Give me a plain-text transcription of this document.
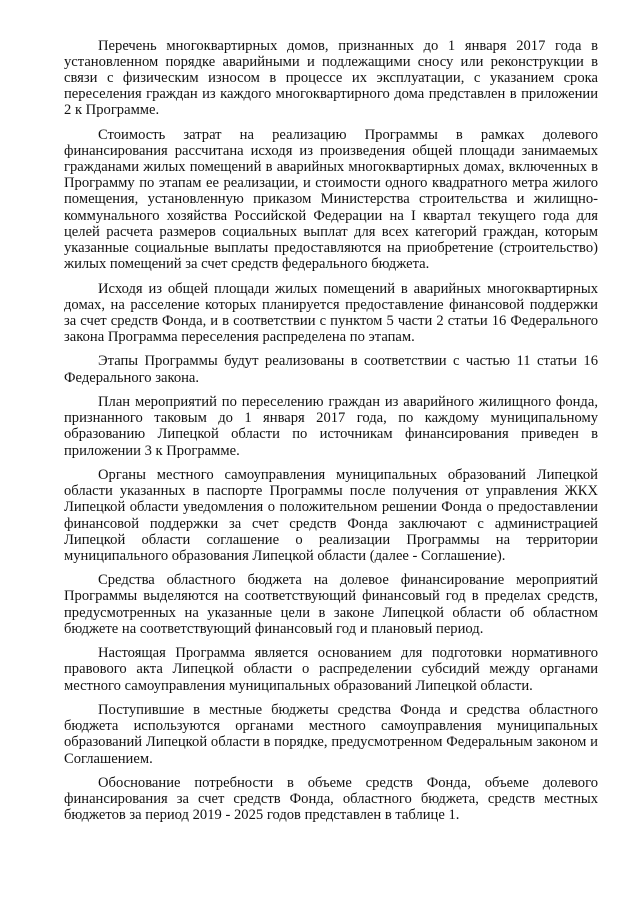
Перечень многоквартирных домов, признанных до 1 января 2017 года в установленном порядке аварийными и подлежащими сносу или реконструкции в связи с физическим износом в процессе их эксплуатации, с указанием срока переселения граждан из каждого многоквартирного дома представлен в приложении 2 к Программе.

Стоимость затрат на реализацию Программы в рамках долевого финансирования рассчитана исходя из произведения общей площади занимаемых гражданами жилых помещений в аварийных многоквартирных домах, включенных в Программу по этапам ее реализации, и стоимости одного квадратного метра жилого помещения, установленную приказом Министерства строительства и жилищно-коммунального хозяйства Российской Федерации на I квартал текущего года для целей расчета размеров социальных выплат для всех категорий граждан, которым указанные социальные выплаты предоставляются на приобретение (строительство) жилых помещений за счет средств федерального бюджета.

Исходя из общей площади жилых помещений в аварийных многоквартирных домах, на расселение которых планируется предоставление финансовой поддержки за счет средств Фонда, и в соответствии с пунктом 5 части 2 статьи 16 Федерального закона Программа переселения распределена по этапам.

Этапы Программы будут реализованы в соответствии с частью 11 статьи 16 Федерального закона.

План мероприятий по переселению граждан из аварийного жилищного фонда, признанного таковым до 1 января 2017 года, по каждому муниципальному образованию Липецкой области по источникам финансирования приведен в приложении 3 к Программе.

Органы местного самоуправления муниципальных образований Липецкой области указанных в паспорте Программы после получения от управления ЖКХ Липецкой области уведомления о положительном решении Фонда о предоставлении финансовой поддержки за счет средств Фонда заключают с администрацией Липецкой области соглашение о реализации Программы на территории муниципального образования Липецкой области (далее - Соглашение).

Средства областного бюджета на долевое финансирование мероприятий Программы выделяются на соответствующий финансовый год в пределах средств, предусмотренных на указанные цели в законе Липецкой области об областном бюджете на соответствующий финансовый год и плановый период.

Настоящая Программа является основанием для подготовки нормативного правового акта Липецкой области о распределении субсидий между органами местного самоуправления муниципальных образований Липецкой области.

Поступившие в местные бюджеты средства Фонда и средства областного бюджета используются органами местного самоуправления муниципальных образований Липецкой области в порядке, предусмотренном Федеральным законом и Соглашением.

Обоснование потребности в объеме средств Фонда, объеме долевого финансирования за счет средств Фонда, областного бюджета, средств местных бюджетов за период 2019 - 2025 годов представлен в таблице 1.
